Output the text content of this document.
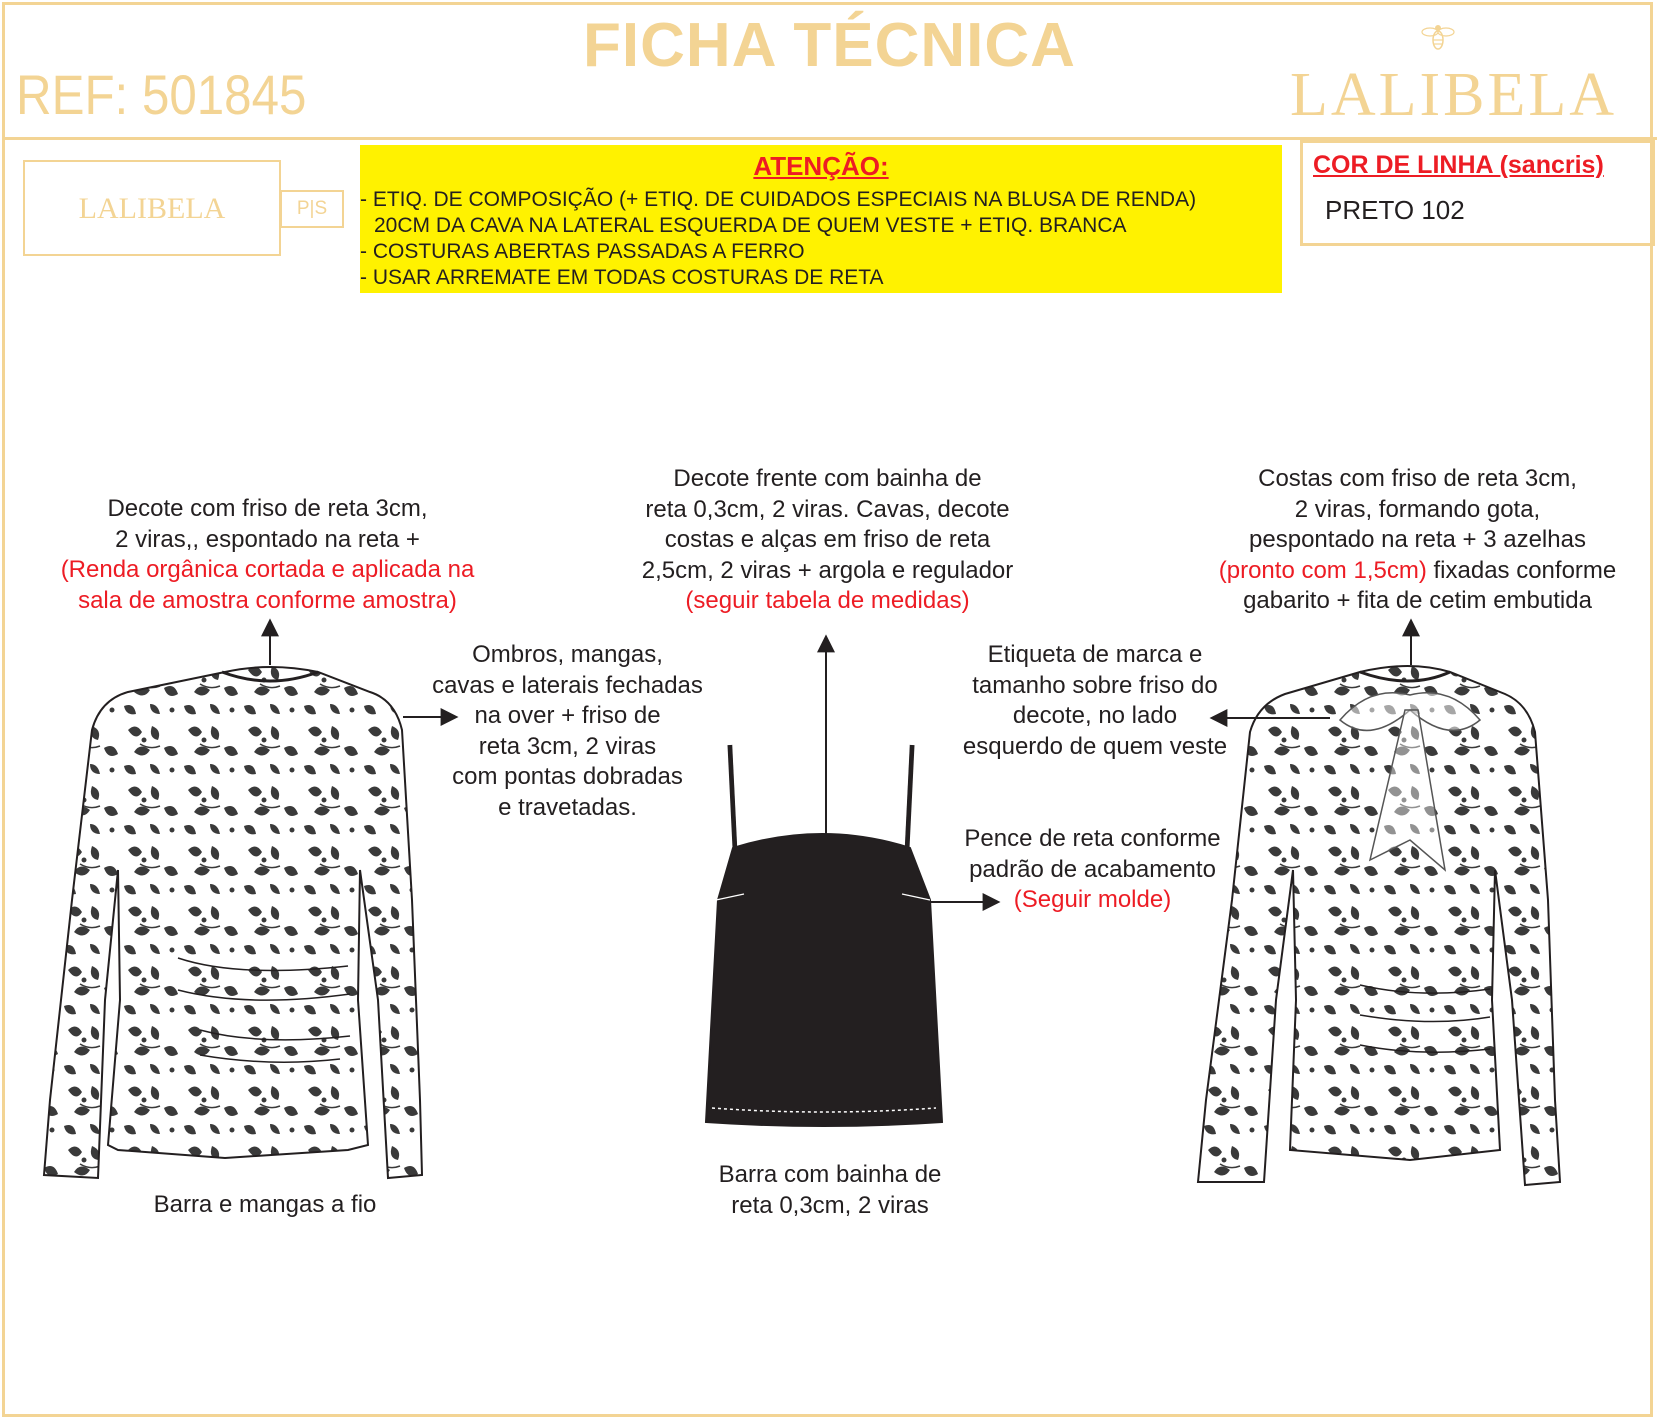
FICHA TÉCNICA
REF: 501845	LALIBELA
LALIBELA	P|S
ATENÇÃO:
- ETIQ. DE COMPOSIÇÃO (+ ETIQ. DE CUIDADOS ESPECIAIS NA BLUSA DE RENDA)
20CM DA CAVA NA LATERAL ESQUERDA DE QUEM VESTE + ETIQ. BRANCA
- COSTURAS ABERTAS PASSADAS A FERRO
- USAR ARREMATE EM TODAS COSTURAS DE RETA
COR DE LINHA (sancris)
PRETO 102
Decote com friso de reta 3cm,
2 viras,, espontado na reta +
(Renda orgânica cortada e aplicada na
sala de amostra conforme amostra)
Ombros, mangas,
cavas e laterais fechadas
na over + friso de
reta 3cm, 2 viras
com pontas dobradas
e travetadas.
Barra e mangas a fio
Decote frente com bainha de
reta 0,3cm, 2 viras. Cavas, decote
costas e alças em friso de reta
2,5cm, 2 viras + argola e regulador
(seguir tabela de medidas)
Etiqueta de marca e
tamanho sobre friso do
decote, no lado
esquerdo de quem veste
Pence de reta conforme
padrão de acabamento
(Seguir molde)
Barra com bainha de
reta 0,3cm, 2 viras
Costas com friso de reta 3cm,
2 viras, formando gota,
pespontado na reta + 3 azelhas
(pronto com 1,5cm) fixadas conforme
gabarito + fita de cetim embutida
